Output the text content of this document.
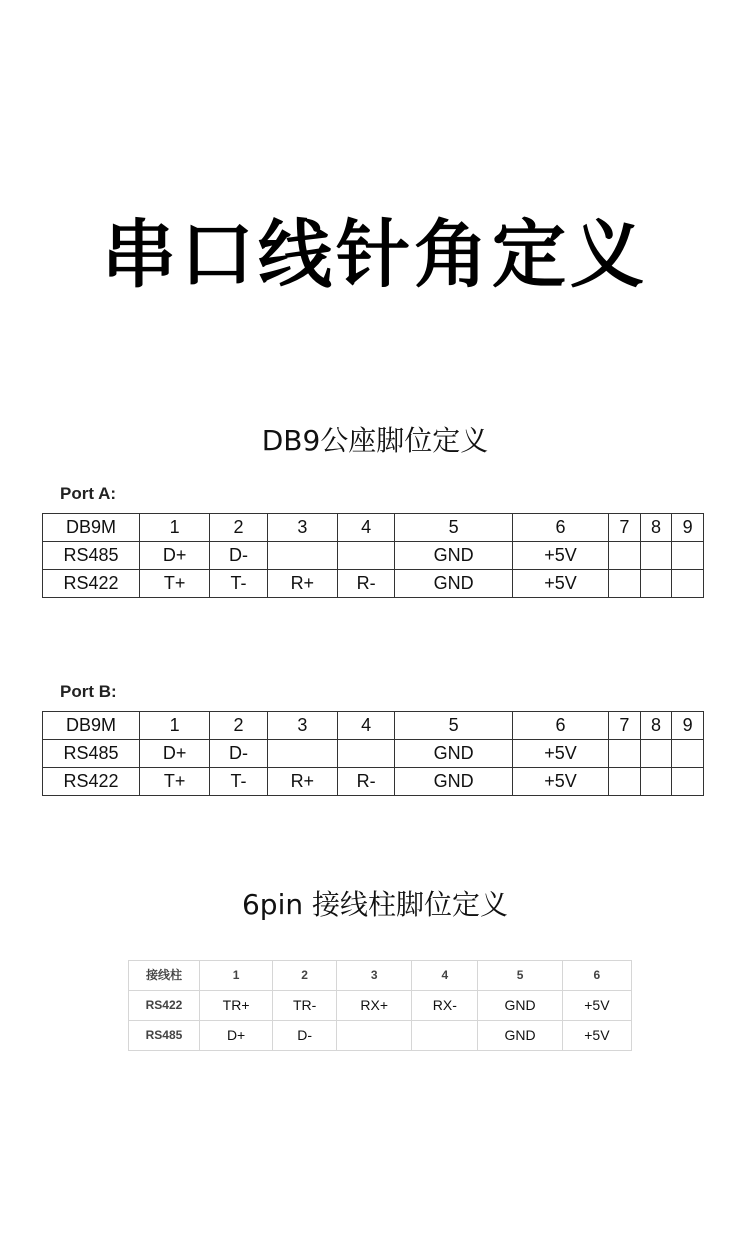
串口线针角定义
DB9公座脚位定义
Port A:
DB9M	1	2	3	4	5	6	7	8	9
RS485	D+	D-			GND	+5V			
RS422	T+	T-	R+	R-	GND	+5V			
Port B:
DB9M	1	2	3	4	5	6	7	8	9
RS485	D+	D-			GND	+5V			
RS422	T+	T-	R+	R-	GND	+5V			
6pin 接线柱脚位定义
接线柱	1	2	3	4	5	6
RS422	TR+	TR-	RX+	RX-	GND	+5V
RS485	D+	D-			GND	+5V
